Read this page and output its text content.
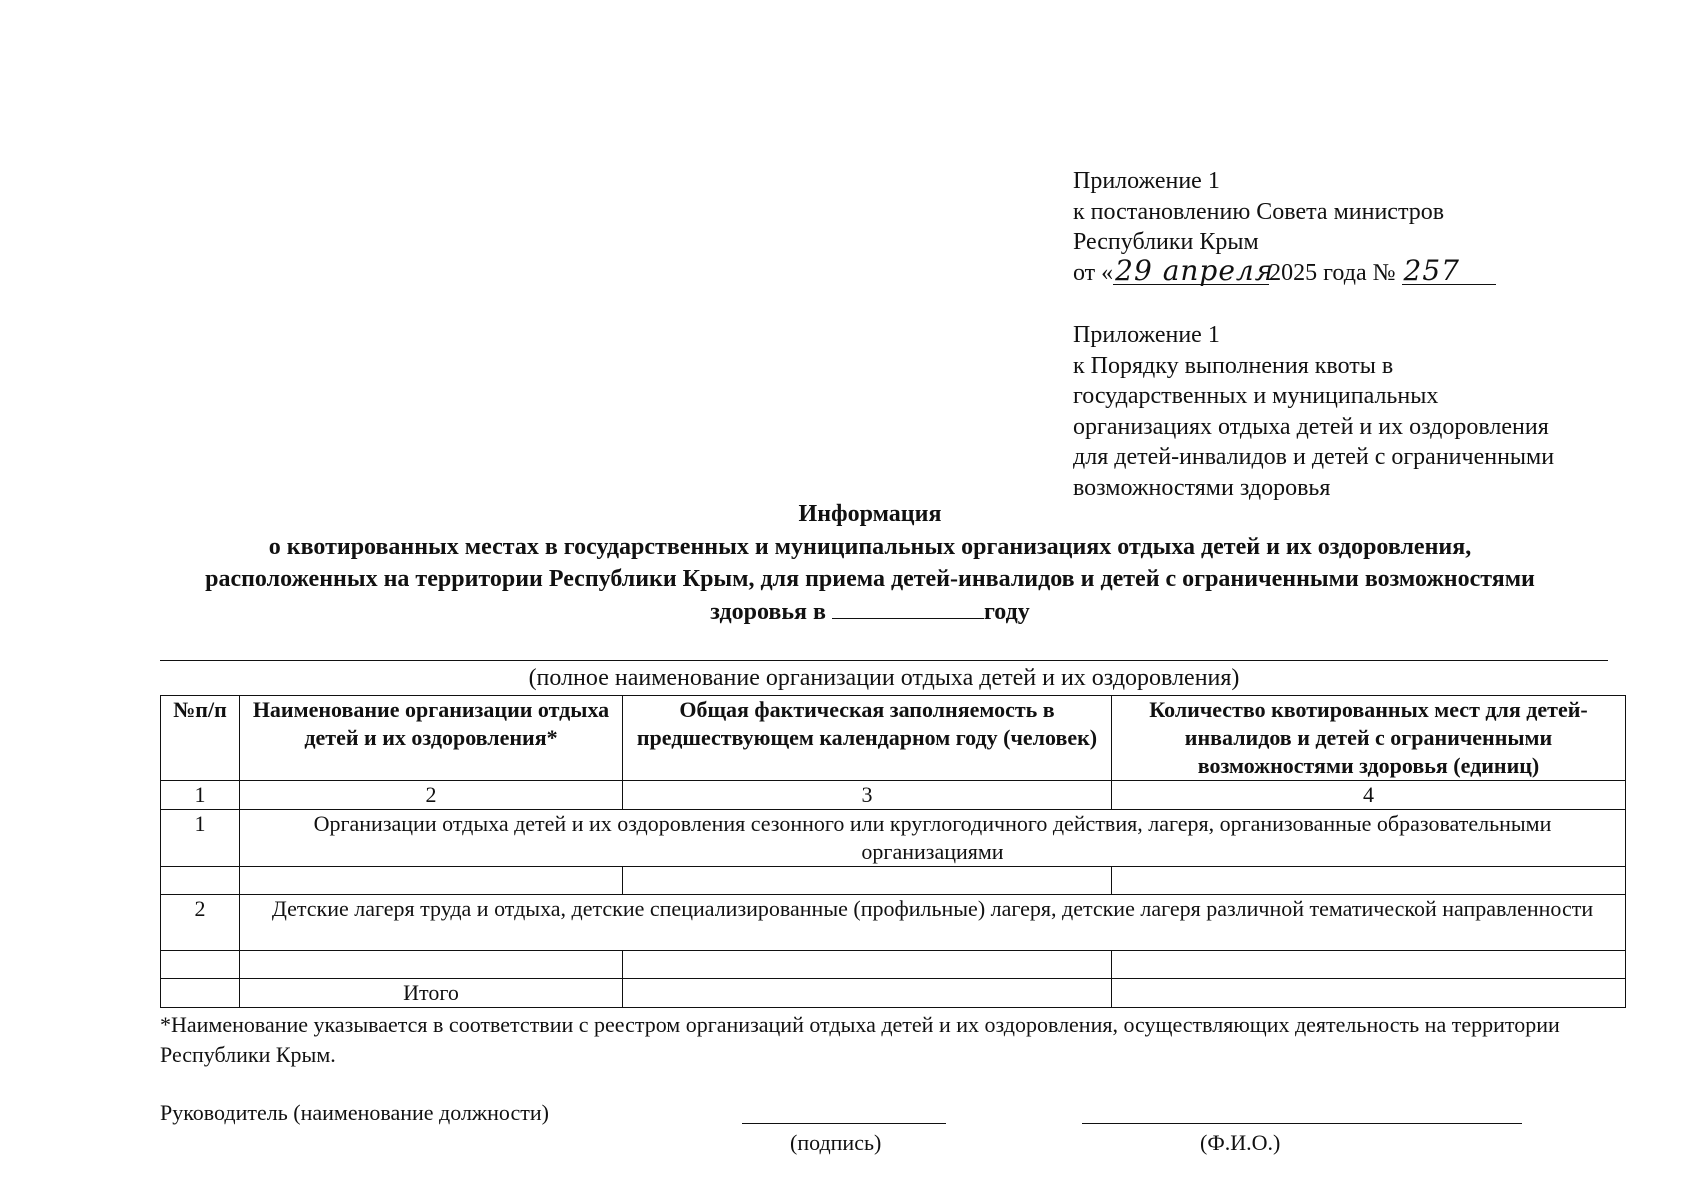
Приложение 1
к постановлению Совета министров
Республики Крым
от «29 апреля2025 года № 257
Приложение 1
к Порядку выполнения квоты в
государственных и муниципальных
организациях отдыха детей и их оздоровления
для детей-инвалидов и детей с ограниченными
возможностями здоровья
Информация
о квотированных местах в государственных и муниципальных организациях отдыха детей и их оздоровления,
расположенных на территории Республики Крым, для приема детей-инвалидов и детей с ограниченными возможностями
здоровья в	году
(полное наименование организации отдыха детей и их оздоровления)
№п/п	Наименование организации отдыха детей и их оздоровления*	Общая фактическая заполняемость в предшествующем календарном году (человек)	Количество квотированных мест для детей-инвалидов и детей с ограниченными возможностями здоровья (единиц)
1	2	3	4
1	Организации отдыха детей и их оздоровления сезонного или круглогодичного действия, лагеря, организованные образовательными организациями		

2	Детские лагеря труда и отдыха, детские специализированные (профильные) лагеря, детские лагеря различной тематической направленности		

	Итого		
*Наименование указывается в соответствии с реестром организаций отдыха детей и их оздоровления, осуществляющих деятельность на территории Республики Крым.
Руководитель (наименование должности)
(подпись)	(Ф.И.О.)
